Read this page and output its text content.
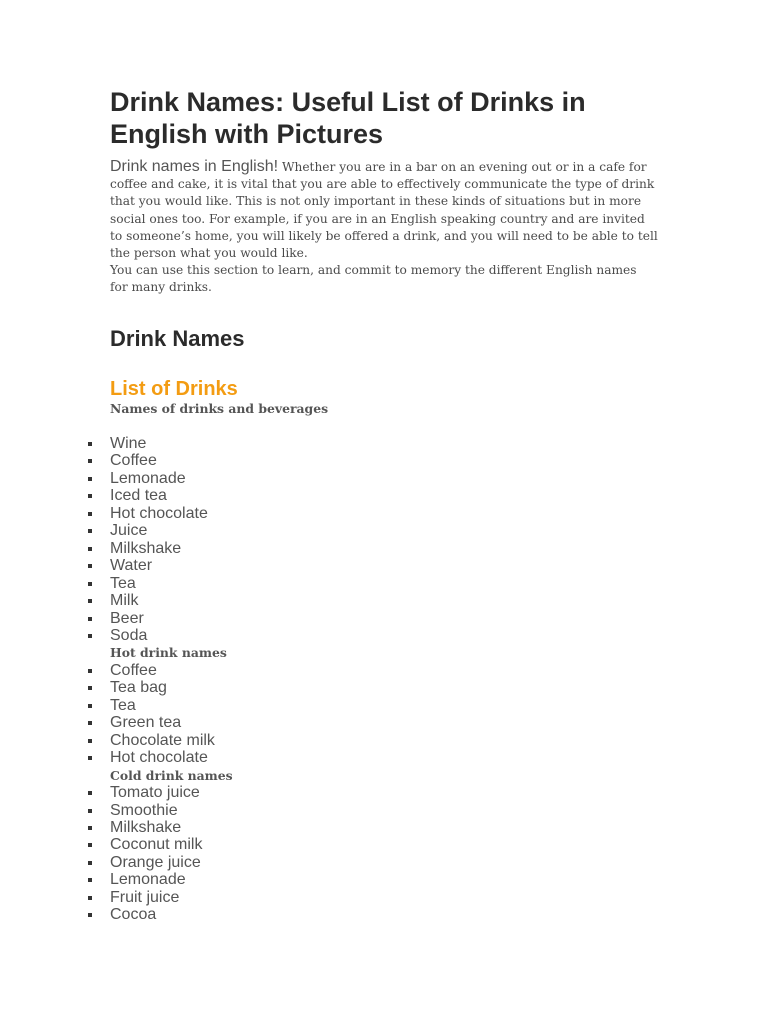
Drink Names: Useful List of Drinks in English with Pictures

Drink names in English! Whether you are in a bar on an evening out or in a cafe for coffee and cake, it is vital that you are able to effectively communicate the type of drink that you would like. This is not only important in these kinds of situations but in more social ones too. For example, if you are in an English speaking country and are invited to someone’s home, you will likely be offered a drink, and you will need to be able to tell the person what you would like.

You can use this section to learn, and commit to memory the different English names for many drinks.

Drink Names
List of Drinks
Names of drinks and beverages
Wine
Coffee
Lemonade
Iced tea
Hot chocolate
Juice
Milkshake
Water
Tea
Milk
Beer
Soda
Hot drink names
Coffee
Tea bag
Tea
Green tea
Chocolate milk
Hot chocolate
Cold drink names
Tomato juice
Smoothie
Milkshake
Coconut milk
Orange juice
Lemonade
Fruit juice
Cocoa
